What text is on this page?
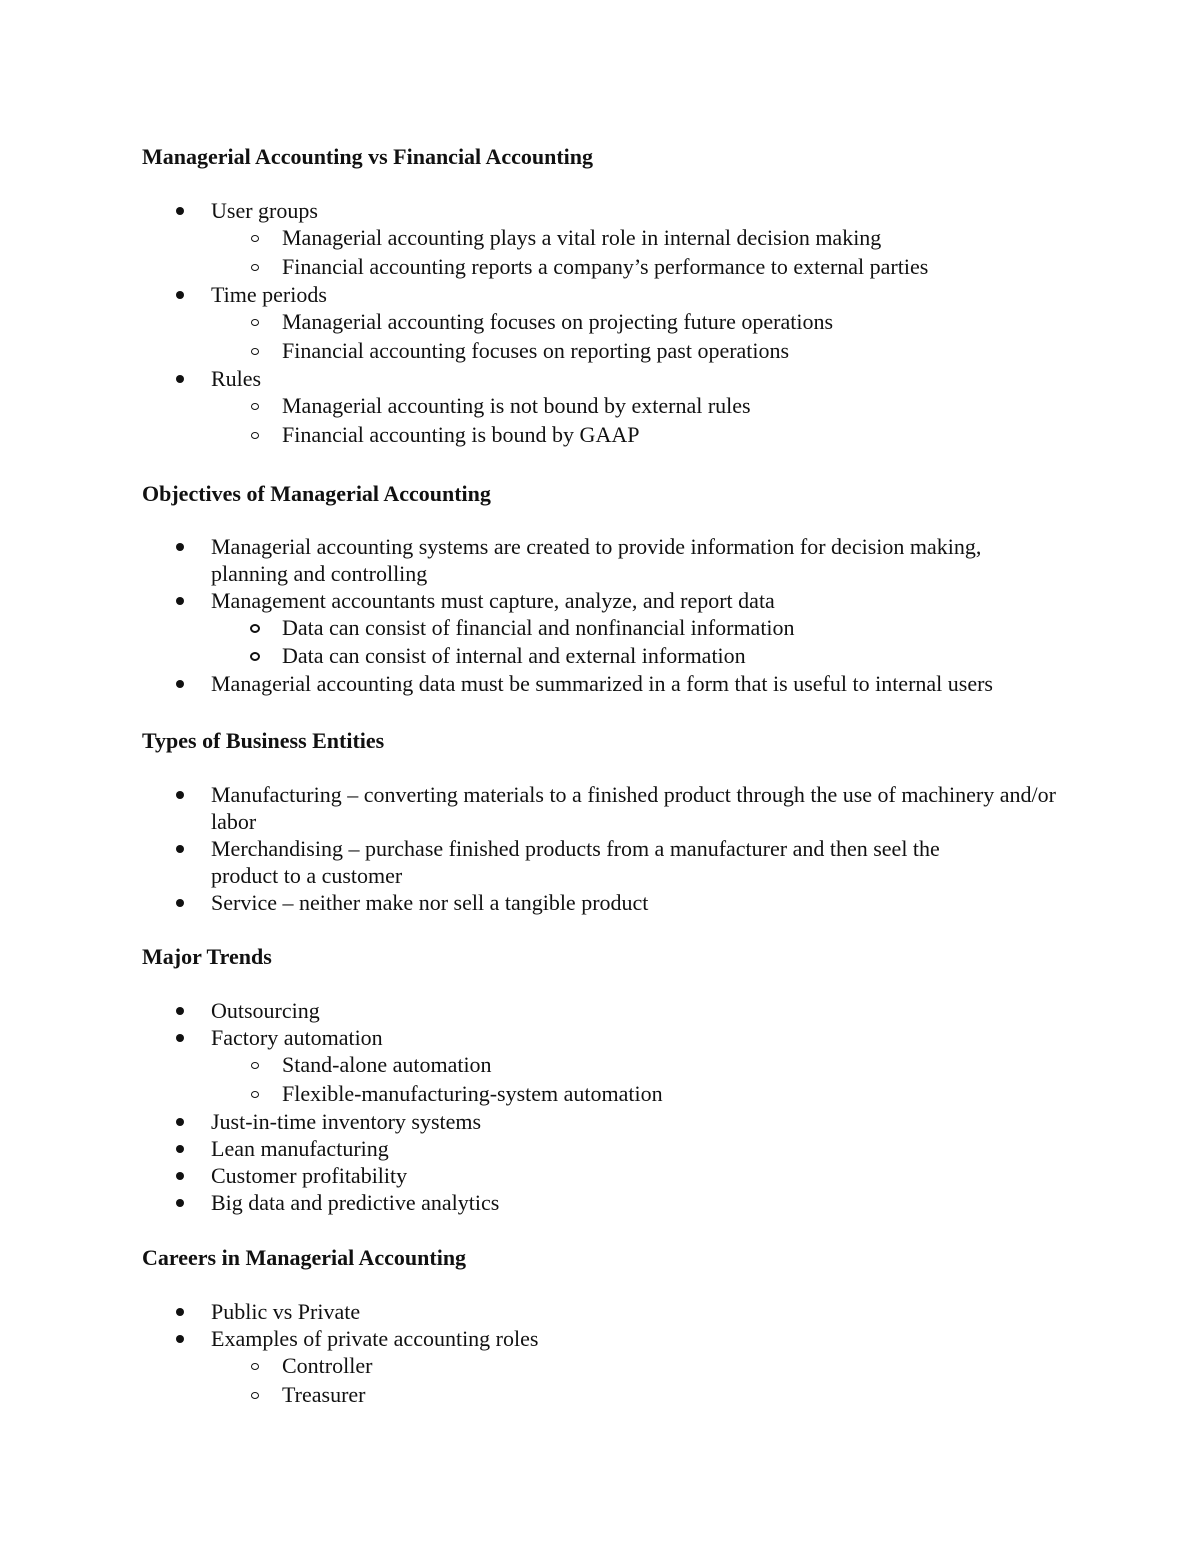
Managerial Accounting vs Financial Accounting
User groups
Managerial accounting plays a vital role in internal decision making
Financial accounting reports a company’s performance to external parties
Time periods
Managerial accounting focuses on projecting future operations
Financial accounting focuses on reporting past operations
Rules
Managerial accounting is not bound by external rules
Financial accounting is bound by GAAP
Objectives of Managerial Accounting
Managerial accounting systems are created to provide information for decision making, planning and controlling
Management accountants must capture, analyze, and report data
Data can consist of financial and nonfinancial information
Data can consist of internal and external information
Managerial accounting data must be summarized in a form that is useful to internal users
Types of Business Entities
Manufacturing – converting materials to a finished product through the use of machinery and/or labor
Merchandising – purchase finished products from a manufacturer and then seel the product to a customer
Service – neither make nor sell a tangible product
Major Trends
Outsourcing
Factory automation
Stand-alone automation
Flexible-manufacturing-system automation
Just-in-time inventory systems
Lean manufacturing
Customer profitability
Big data and predictive analytics
Careers in Managerial Accounting
Public vs Private
Examples of private accounting roles
Controller
Treasurer
